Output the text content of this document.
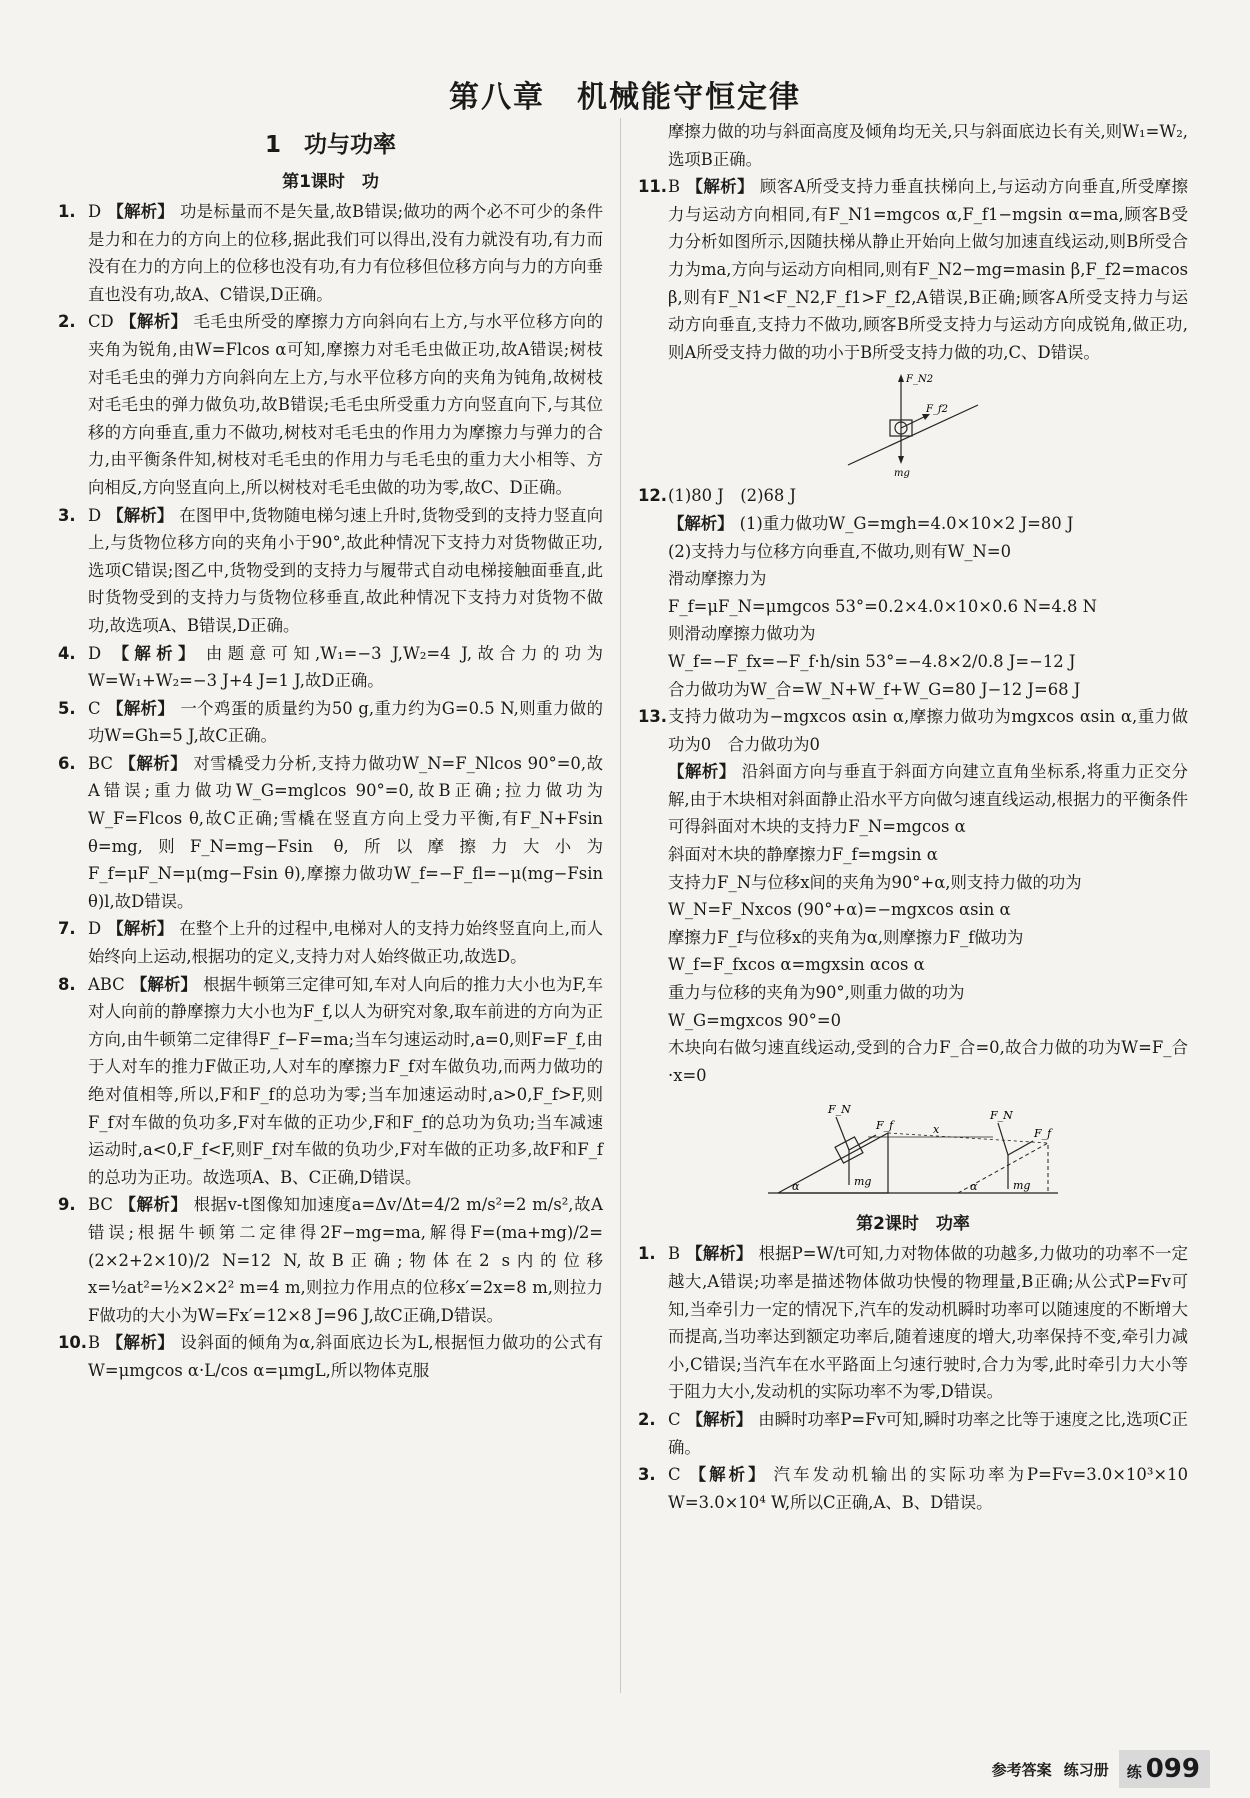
第八章　机械能守恒定律
1　功与功率
第1课时　功
1. D 【解析】 功是标量而不是矢量,故B错误;做功的两个必不可少的条件是力和在力的方向上的位移,据此我们可以得出,没有力就没有功,有力而没有在力的方向上的位移也没有功,有力有位移但位移方向与力的方向垂直也没有功,故A、C错误,D正确。
2. CD 【解析】 毛毛虫所受的摩擦力方向斜向右上方,与水平位移方向的夹角为锐角,由W=Flcos α可知,摩擦力对毛毛虫做正功,故A错误;树枝对毛毛虫的弹力方向斜向左上方,与水平位移方向的夹角为钝角,故树枝对毛毛虫的弹力做负功,故B错误;毛毛虫所受重力方向竖直向下,与其位移的方向垂直,重力不做功,树枝对毛毛虫的作用力为摩擦力与弹力的合力,由平衡条件知,树枝对毛毛虫的作用力与毛毛虫的重力大小相等、方向相反,方向竖直向上,所以树枝对毛毛虫做的功为零,故C、D正确。
3. D 【解析】 在图甲中,货物随电梯匀速上升时,货物受到的支持力竖直向上,与货物位移方向的夹角小于90°,故此种情况下支持力对货物做正功,选项C错误;图乙中,货物受到的支持力与履带式自动电梯接触面垂直,此时货物受到的支持力与货物位移垂直,故此种情况下支持力对货物不做功,故选项A、B错误,D正确。
4. D 【解析】 由题意可知,W₁=−3 J,W₂=4 J,故合力的功为W=W₁+W₂=−3 J+4 J=1 J,故D正确。
5. C 【解析】 一个鸡蛋的质量约为50 g,重力约为G=0.5 N,则重力做的功W=Gh=5 J,故C正确。
6. BC 【解析】 对雪橇受力分析,支持力做功W_N=F_Nlcos 90°=0,故A错误;重力做功W_G=mglcos 90°=0,故B正确;拉力做功为W_F=Flcos θ,故C正确;雪橇在竖直方向上受力平衡,有F_N+Fsin θ=mg,则F_N=mg−Fsin θ,所以摩擦力大小为F_f=μF_N=μ(mg−Fsin θ),摩擦力做功W_f=−F_fl=−μ(mg−Fsin θ)l,故D错误。
7. D 【解析】 在整个上升的过程中,电梯对人的支持力始终竖直向上,而人始终向上运动,根据功的定义,支持力对人始终做正功,故选D。
8. ABC 【解析】 根据牛顿第三定律可知,车对人向后的推力大小也为F,车对人向前的静摩擦力大小也为F_f,以人为研究对象,取车前进的方向为正方向,由牛顿第二定律得F_f−F=ma;当车匀速运动时,a=0,则F=F_f,由于人对车的推力F做正功,人对车的摩擦力F_f对车做负功,而两力做功的绝对值相等,所以,F和F_f的总功为零;当车加速运动时,a>0,F_f>F,则F_f对车做的负功多,F对车做的正功少,F和F_f的总功为负功;当车减速运动时,a<0,F_f<F,则F_f对车做的负功少,F对车做的正功多,故F和F_f的总功为正功。故选项A、B、C正确,D错误。
9. BC 【解析】 根据v-t图像知加速度a=Δv/Δt=4/2 m/s²=2 m/s²,故A错误;根据牛顿第二定律得2F−mg=ma,解得F=(ma+mg)/2=(2×2+2×10)/2 N=12 N,故B正确;物体在2 s内的位移x=½at²=½×2×2² m=4 m,则拉力作用点的位移x′=2x=8 m,则拉力F做功的大小为W=Fx′=12×8 J=96 J,故C正确,D错误。
10. B 【解析】 设斜面的倾角为α,斜面底边长为L,根据恒力做功的公式有W=μmgcos α·L/cos α=μmgL,所以物体克服
摩擦力做的功与斜面高度及倾角均无关,只与斜面底边长有关,则W₁=W₂,选项B正确。
11. B 【解析】 顾客A所受支持力垂直扶梯向上,与运动方向垂直,所受摩擦力与运动方向相同,有F_N1=mgcos α,F_f1−mgsin α=ma,顾客B受力分析如图所示,因随扶梯从静止开始向上做匀加速直线运动,则B所受合力为ma,方向与运动方向相同,则有F_N2−mg=masin β,F_f2=macos β,则有F_N1<F_N2,F_f1>F_f2,A错误,B正确;顾客A所受支持力与运动方向垂直,支持力不做功,顾客B所受支持力与运动方向成锐角,做正功,则A所受支持力做的功小于B所受支持力做的功,C、D错误。
F_N2
F_f2
mg
12. (1)80 J　(2)68 J
【解析】 (1)重力做功W_G=mgh=4.0×10×2 J=80 J
(2)支持力与位移方向垂直,不做功,则有W_N=0
滑动摩擦力为
F_f=μF_N=μmgcos 53°=0.2×4.0×10×0.6 N=4.8 N
则滑动摩擦力做功为
W_f=−F_fx=−F_f·h/sin 53°=−4.8×2/0.8 J=−12 J
合力做功为W_合=W_N+W_f+W_G=80 J−12 J=68 J
13. 支持力做功为−mgxcos αsin α,摩擦力做功为mgxcos αsin α,重力做功为0　合力做功为0
【解析】 沿斜面方向与垂直于斜面方向建立直角坐标系,将重力正交分解,由于木块相对斜面静止沿水平方向做匀速直线运动,根据力的平衡条件可得斜面对木块的支持力F_N=mgcos α
斜面对木块的静摩擦力F_f=mgsin α
支持力F_N与位移x间的夹角为90°+α,则支持力做的功为
W_N=F_Nxcos (90°+α)=−mgxcos αsin α
摩擦力F_f与位移x的夹角为α,则摩擦力F_f做功为
W_f=F_fxcos α=mgxsin αcos α
重力与位移的夹角为90°,则重力做的功为
W_G=mgxcos 90°=0
木块向右做匀速直线运动,受到的合力F_合=0,故合力做的功为W=F_合·x=0
F_N
F_f
mg
α
x
F_N
F_f
mg
α
第2课时　功率
1. B 【解析】 根据P=W/t可知,力对物体做的功越多,力做功的功率不一定越大,A错误;功率是描述物体做功快慢的物理量,B正确;从公式P=Fv可知,当牵引力一定的情况下,汽车的发动机瞬时功率可以随速度的不断增大而提高,当功率达到额定功率后,随着速度的增大,功率保持不变,牵引力减小,C错误;当汽车在水平路面上匀速行驶时,合力为零,此时牵引力大小等于阻力大小,发动机的实际功率不为零,D错误。
2. C 【解析】 由瞬时功率P=Fv可知,瞬时功率之比等于速度之比,选项C正确。
3. C 【解析】 汽车发动机输出的实际功率为P=Fv=3.0×10³×10 W=3.0×10⁴ W,所以C正确,A、B、D错误。
参考答案 练习册	练 099
